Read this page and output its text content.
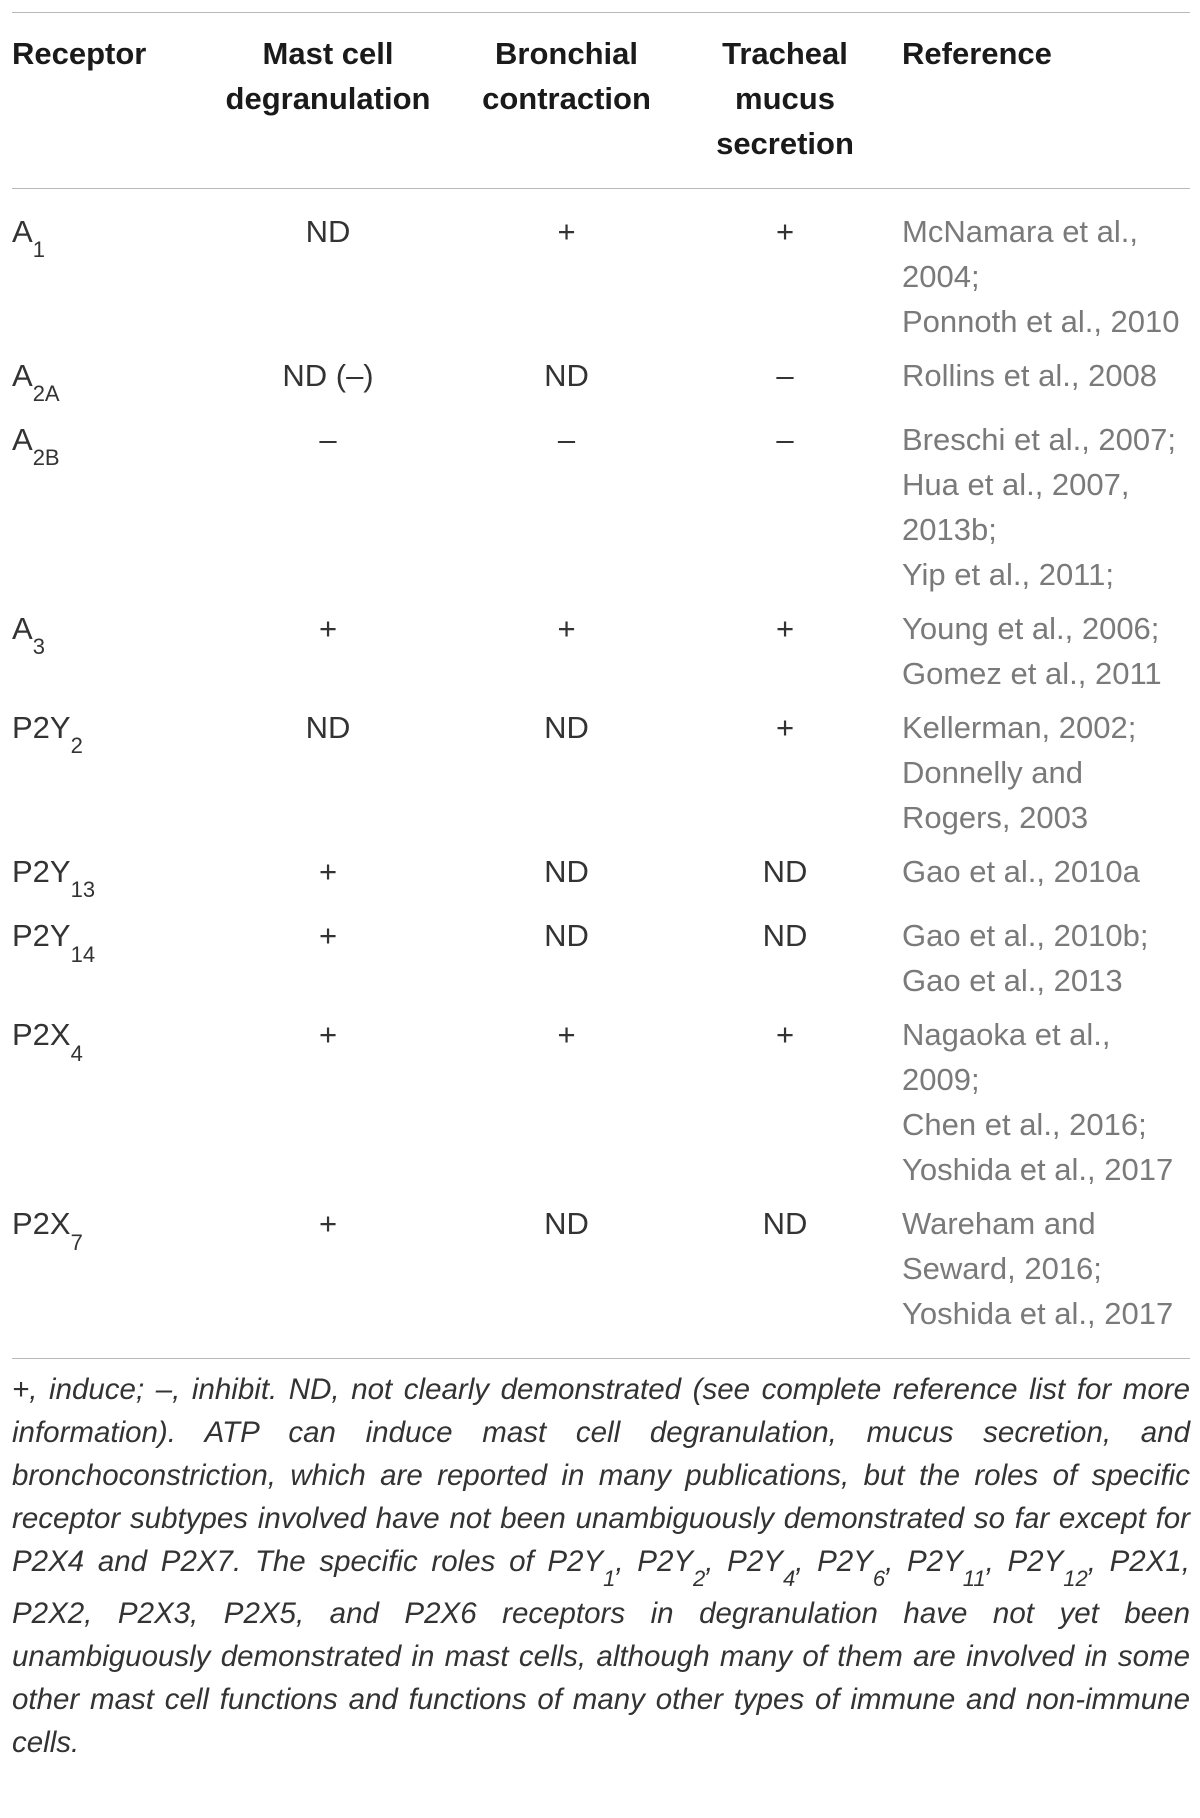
Receptor	Mast cell degranulation	Bronchial contraction	Tracheal mucus secretion	Reference

$A_1$	ND	+	+	McNamara et al., 2004;
Ponnoth et al., 2010

$A_{2A}$	ND (–)	ND	–	Rollins et al., 2008

$A_{2B}$	–	–	–	Breschi et al., 2007;
Hua et al., 2007, 2013b;
Yip et al., 2011;

$A_3$	+	+	+	Young et al., 2006;
Gomez et al., 2011

$P2Y_2$	ND	ND	+	Kellerman, 2002;
Donnelly and Rogers, 2003

$P2Y_{13}$	+	ND	ND	Gao et al., 2010a

$P2Y_{14}$	+	ND	ND	Gao et al., 2010b;
Gao et al., 2013

$P2X_4$	+	+	+	Nagaoka et al., 2009;
Chen et al., 2016;
Yoshida et al., 2017

$P2X_7$	+	ND	ND	Wareham and Seward, 2016;
Yoshida et al., 2017

+, induce; –, inhibit. ND, not clearly demonstrated (see complete reference list for more information). ATP can induce mast cell degranulation, mucus secretion, and bronchoconstriction, which are reported in many publications, but the roles of specific receptor subtypes involved have not been unambiguously demonstrated so far except for P2X4 and P2X7. The specific roles of $P2Y_1$, $P2Y_2$, $P2Y_4$, $P2Y_6$, $P2Y_{11}$, $P2Y_{12}$, P2X1, P2X2, P2X3, P2X5, and P2X6 receptors in degranulation have not yet been unambiguously demonstrated in mast cells, although many of them are involved in some other mast cell functions and functions of many other types of immune and non-immune cells.
